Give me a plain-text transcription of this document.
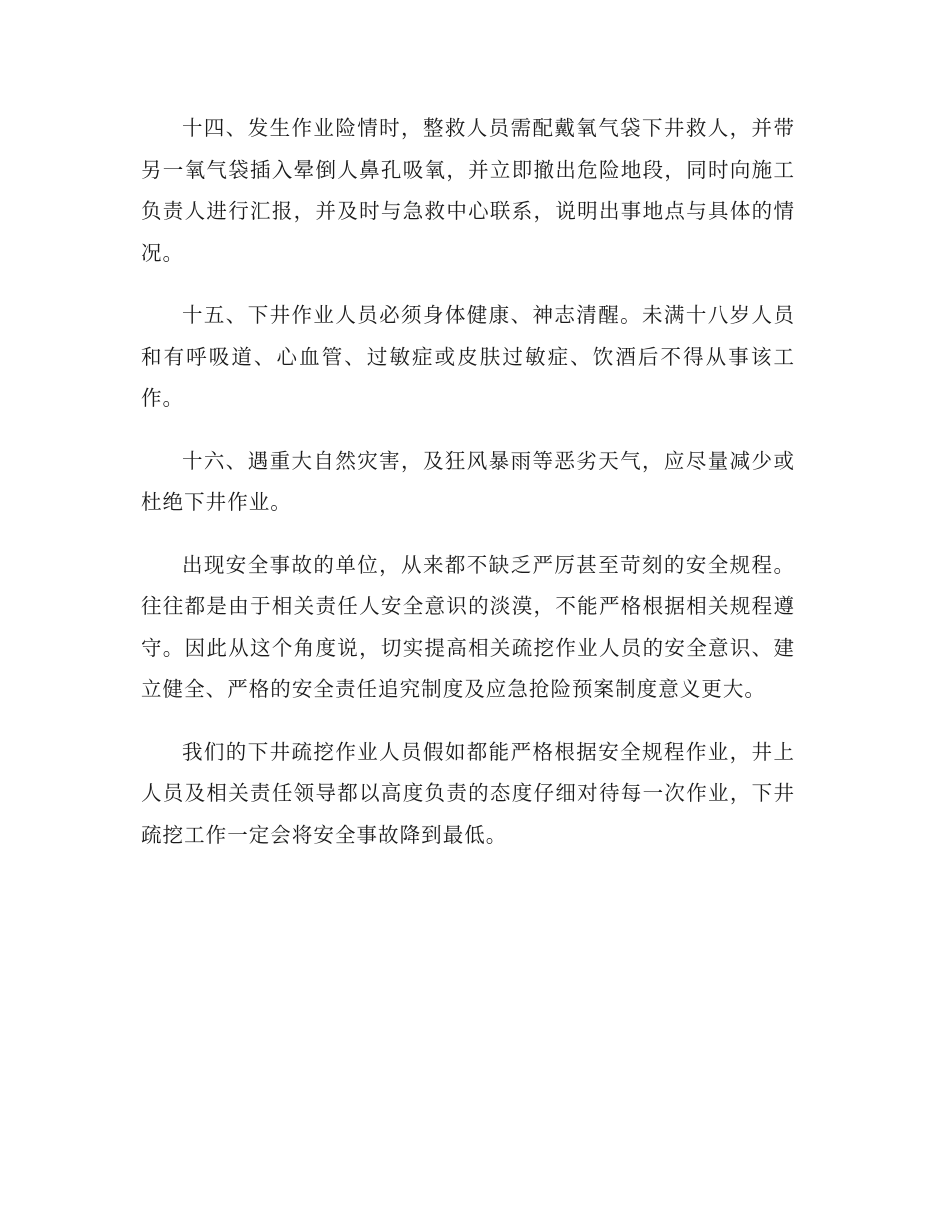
十四、发生作业险情时，整救人员需配戴氧气袋下井救人，并带另一氧气袋插入晕倒人鼻孔吸氧，并立即撤出危险地段，同时向施工负责人进行汇报，并及时与急救中心联系，说明出事地点与具体的情况。

十五、下井作业人员必须身体健康、神志清醒。未满十八岁人员和有呼吸道、心血管、过敏症或皮肤过敏症、饮酒后不得从事该工作。

十六、遇重大自然灾害，及狂风暴雨等恶劣天气，应尽量减少或杜绝下井作业。

出现安全事故的单位，从来都不缺乏严厉甚至苛刻的安全规程。往往都是由于相关责任人安全意识的淡漠，不能严格根据相关规程遵守。因此从这个角度说，切实提高相关疏挖作业人员的安全意识、建立健全、严格的安全责任追究制度及应急抢险预案制度意义更大。

我们的下井疏挖作业人员假如都能严格根据安全规程作业，井上人员及相关责任领导都以高度负责的态度仔细对待每一次作业，下井疏挖工作一定会将安全事故降到最低。
